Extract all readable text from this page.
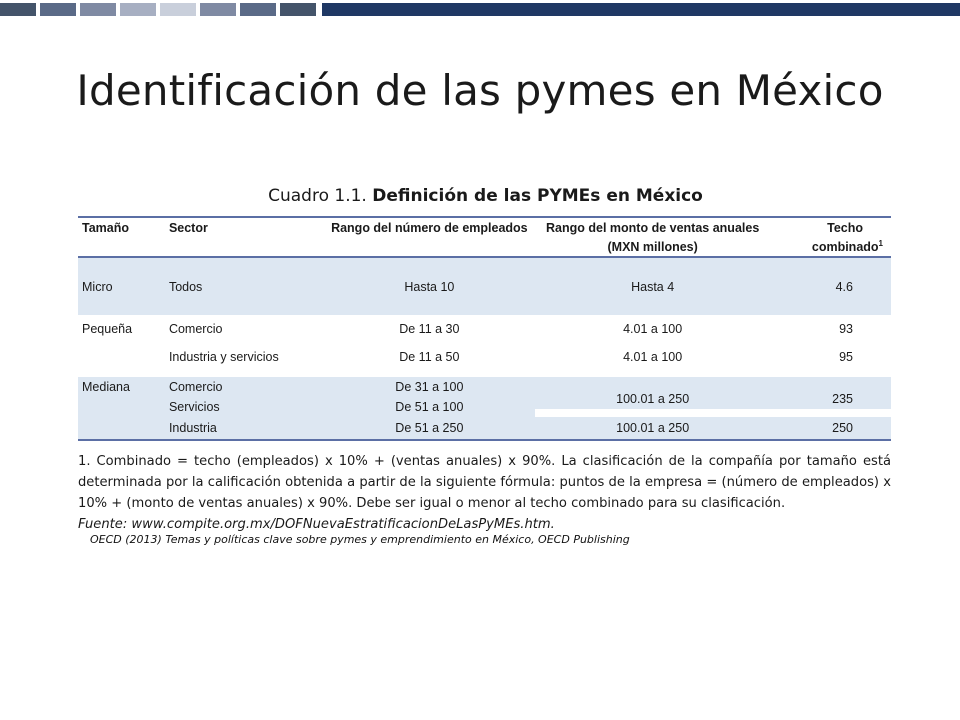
Identificación de las pymes en México
Cuadro 1.1. Definición de las PYMEs en México
Tamaño	Sector	Rango del número de empleados	Rango del monto de ventas anuales	Techo
			(MXN millones)	combinado$^1$

Micro	Todos	Hasta 10	Hasta 4	4.6

Pequeña	Comercio	De 11 a 30	4.01 a 100	93
	Industria y servicios	De 11 a 50	4.01 a 100	95

Mediana	Comercio	De 31 a 100		
	Servicios	De 51 a 100	100.01 a 250	235
	Industria	De 51 a 250	100.01 a 250	250

1. Combinado = techo (empleados) x 10% + (ventas anuales) x 90%. La clasificación de la compañía por tamaño está determinada por la calificación obtenida a partir de la siguiente fórmula: puntos de la empresa = (número de empleados) x 10% + (monto de ventas anuales) x 90%. Debe ser igual o menor al techo combinado para su clasificación.

Fuente: www.compite.org.mx/DOFNuevaEstratificacionDeLasPyMEs.htm.

OECD (2013) Temas y políticas clave sobre pymes y emprendimiento en México, OECD Publishing
